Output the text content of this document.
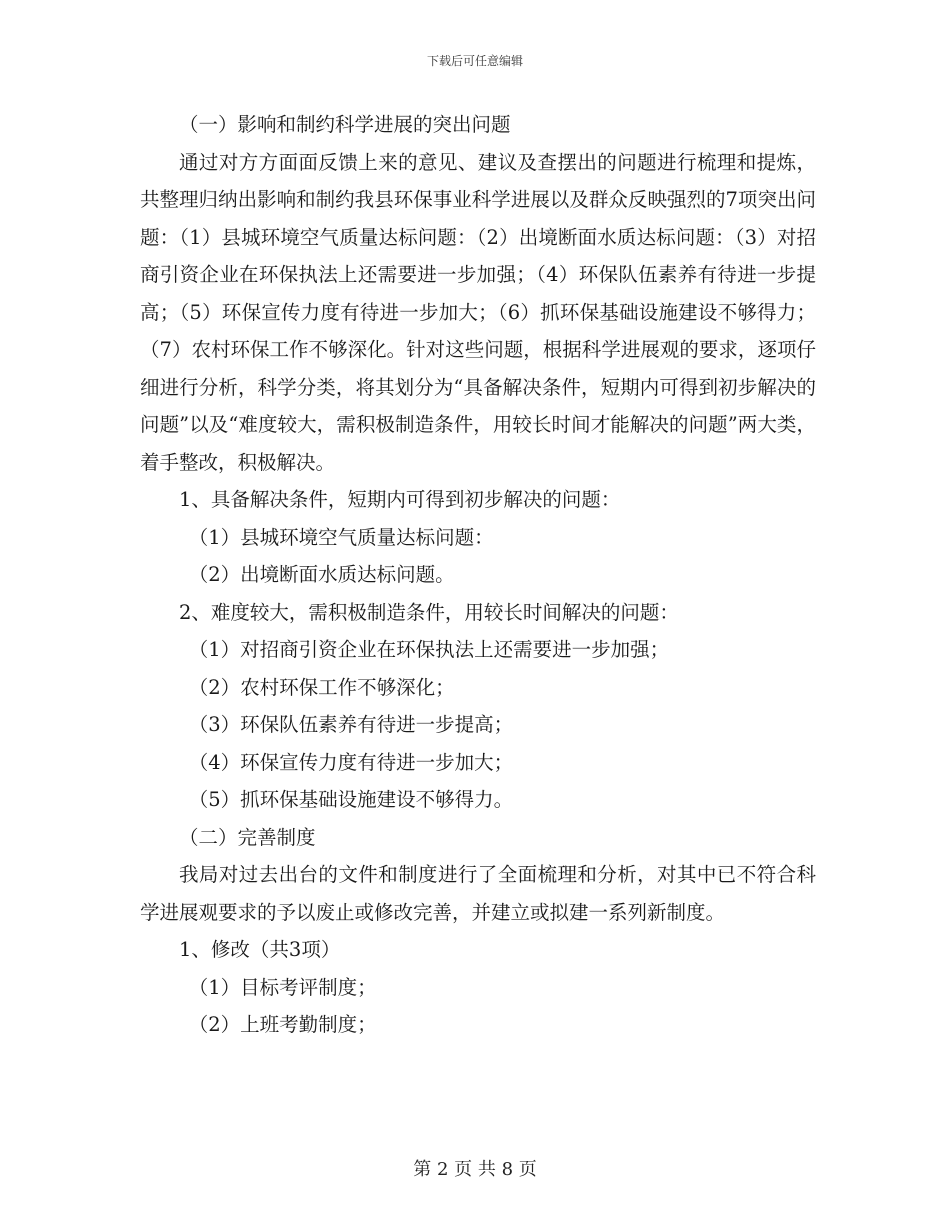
下载后可任意编辑

（一）影响和制约科学进展的突出问题

通过对方方面面反馈上来的意见、建议及查摆出的问题进行梳理和提炼，共整理归纳出影响和制约我县环保事业科学进展以及群众反映强烈的7项突出问题：（1）县城环境空气质量达标问题：（2）出境断面水质达标问题：（3）对招商引资企业在环保执法上还需要进一步加强；（4）环保队伍素养有待进一步提高；（5）环保宣传力度有待进一步加大；（6）抓环保基础设施建设不够得力；（7）农村环保工作不够深化。针对这些问题，根据科学进展观的要求，逐项仔细进行分析，科学分类，将其划分为“具备解决条件，短期内可得到初步解决的问题”以及“难度较大，需积极制造条件，用较长时间才能解决的问题”两大类，着手整改，积极解决。

1、具备解决条件，短期内可得到初步解决的问题：

（1）县城环境空气质量达标问题：

（2）出境断面水质达标问题。

2、难度较大，需积极制造条件，用较长时间解决的问题：

（1）对招商引资企业在环保执法上还需要进一步加强；

（2）农村环保工作不够深化；

（3）环保队伍素养有待进一步提高；

（4）环保宣传力度有待进一步加大；

（5）抓环保基础设施建设不够得力。

（二）完善制度

我局对过去出台的文件和制度进行了全面梳理和分析，对其中已不符合科学进展观要求的予以废止或修改完善，并建立或拟建一系列新制度。

1、修改（共3项）

（1）目标考评制度；

（2）上班考勤制度；

第 2 页 共 8 页
